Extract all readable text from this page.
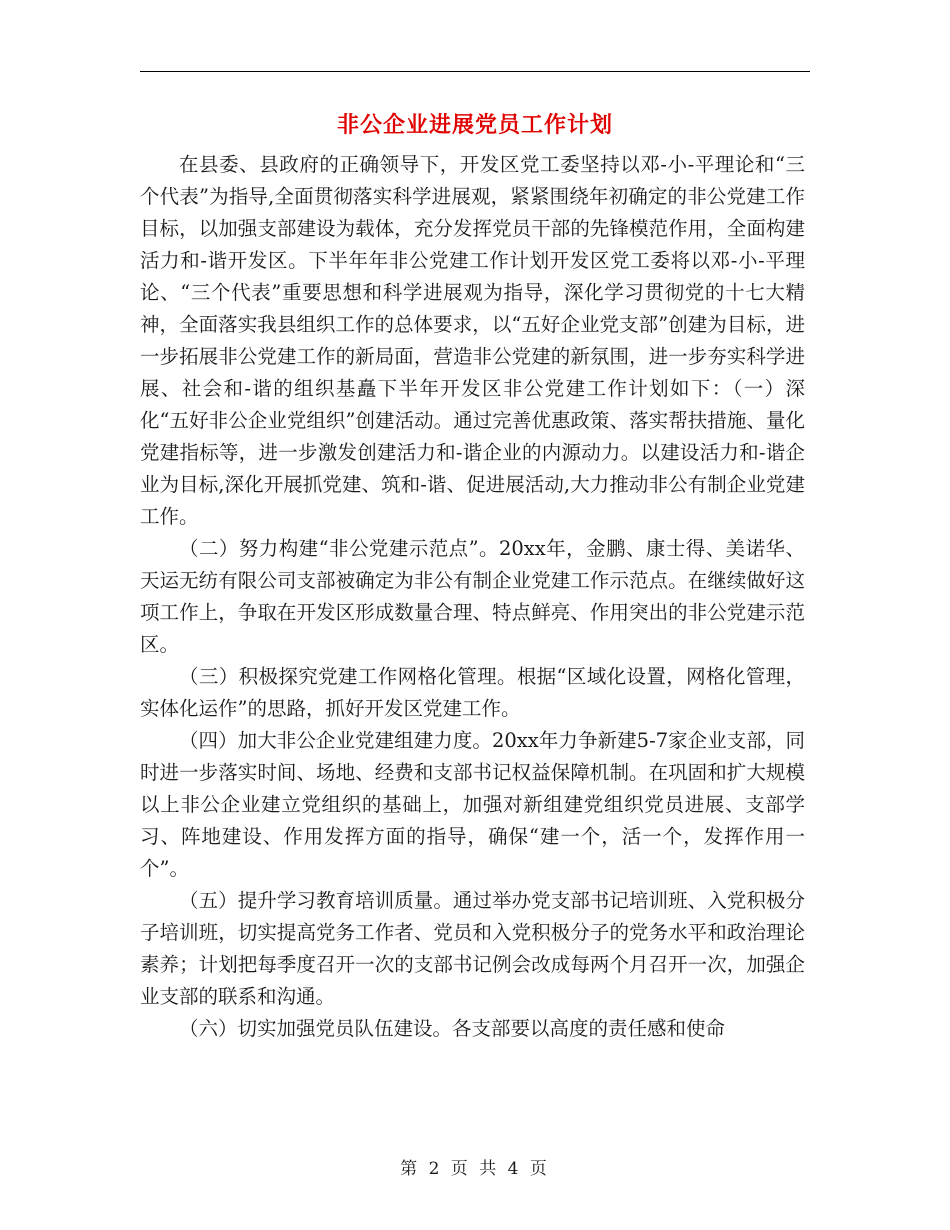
非公企业进展党员工作计划

在县委、县政府的正确领导下，开发区党工委坚持以邓-小-平理论和“三个代表”为指导,全面贯彻落实科学进展观，紧紧围绕年初确定的非公党建工作目标，以加强支部建设为载体，充分发挥党员干部的先锋模范作用，全面构建活力和-谐开发区。下半年年非公党建工作计划开发区党工委将以邓-小-平理论、“三个代表”重要思想和科学进展观为指导，深化学习贯彻党的十七大精神，全面落实我县组织工作的总体要求，以“五好企业党支部”创建为目标，进一步拓展非公党建工作的新局面，营造非公党建的新氛围，进一步夯实科学进展、社会和-谐的组织基矗下半年开发区非公党建工作计划如下：（一）深化“五好非公企业党组织”创建活动。通过完善优惠政策、落实帮扶措施、量化党建指标等，进一步激发创建活力和-谐企业的内源动力。以建设活力和-谐企业为目标,深化开展抓党建、筑和-谐、促进展活动,大力推动非公有制企业党建工作。

（二）努力构建“非公党建示范点”。20xx年，金鹏、康士得、美诺华、天运无纺有限公司支部被确定为非公有制企业党建工作示范点。在继续做好这项工作上，争取在开发区形成数量合理、特点鲜亮、作用突出的非公党建示范区。

（三）积极探究党建工作网格化管理。根据“区域化设置，网格化管理，实体化运作”的思路，抓好开发区党建工作。

（四）加大非公企业党建组建力度。20xx年力争新建5-7家企业支部，同时进一步落实时间、场地、经费和支部书记权益保障机制。在巩固和扩大规模以上非公企业建立党组织的基础上，加强对新组建党组织党员进展、支部学习、阵地建设、作用发挥方面的指导，确保“建一个，活一个，发挥作用一个”。

（五）提升学习教育培训质量。通过举办党支部书记培训班、入党积极分子培训班，切实提高党务工作者、党员和入党积极分子的党务水平和政治理论素养；计划把每季度召开一次的支部书记例会改成每两个月召开一次，加强企业支部的联系和沟通。

（六）切实加强党员队伍建设。各支部要以高度的责任感和使命

第 2 页 共 4 页
